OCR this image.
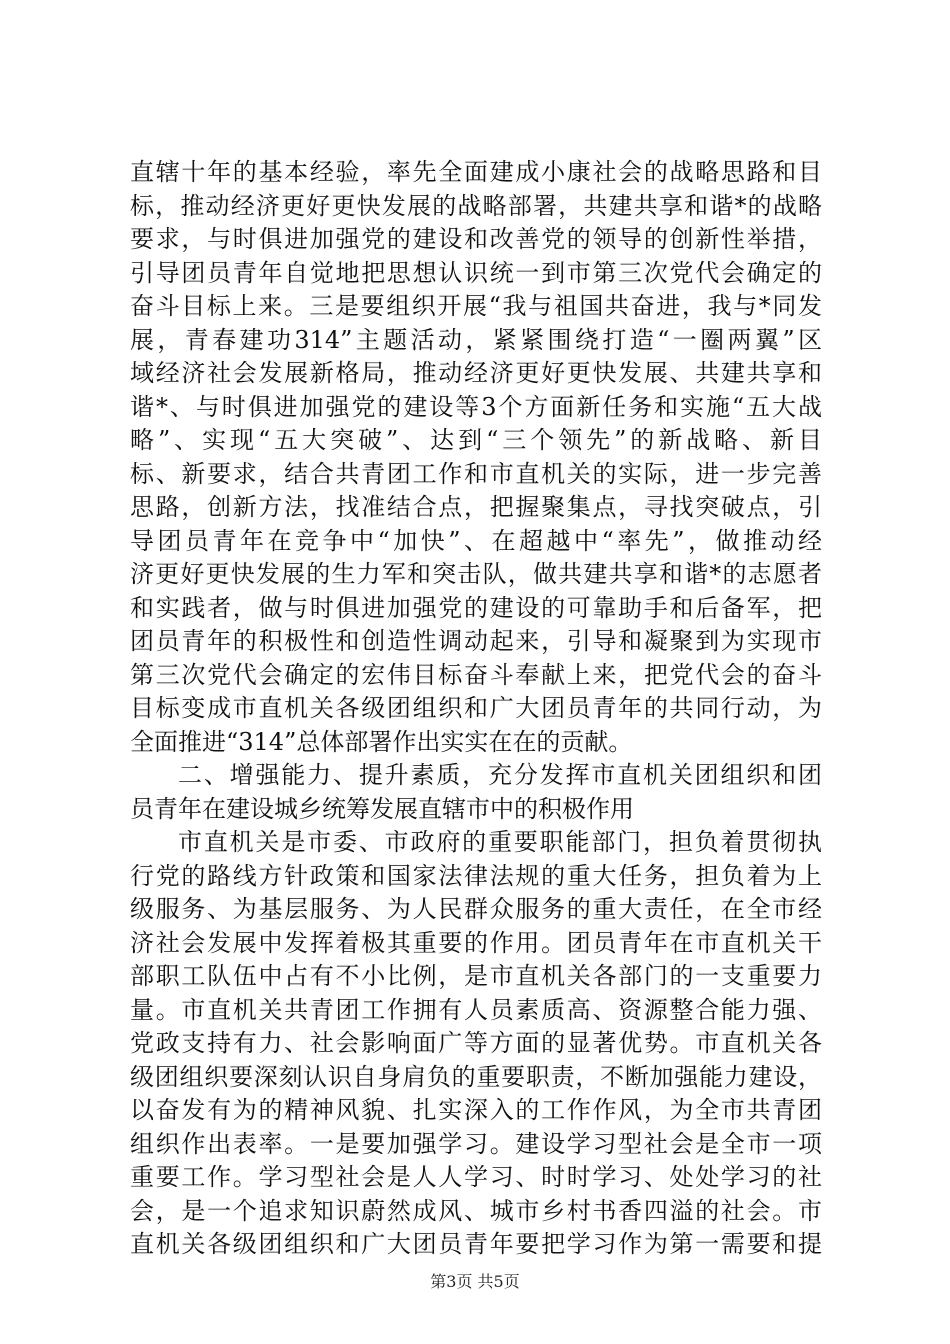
直辖十年的基本经验，率先全面建成小康社会的战略思路和目
标，推动经济更好更快发展的战略部署，共建共享和谐*的战略
要求，与时俱进加强党的建设和改善党的领导的创新性举措，
引导团员青年自觉地把思想认识统一到市第三次党代会确定的
奋斗目标上来。三是要组织开展“我与祖国共奋进，我与*同发
展，青春建功314”主题活动，紧紧围绕打造“一圈两翼”区
域经济社会发展新格局，推动经济更好更快发展、共建共享和
谐*、与时俱进加强党的建设等3个方面新任务和实施“五大战
略”、实现“五大突破”、达到“三个领先”的新战略、新目
标、新要求，结合共青团工作和市直机关的实际，进一步完善
思路，创新方法，找准结合点，把握聚集点，寻找突破点，引
导团员青年在竞争中“加快”、在超越中“率先”，做推动经
济更好更快发展的生力军和突击队，做共建共享和谐*的志愿者
和实践者，做与时俱进加强党的建设的可靠助手和后备军，把
团员青年的积极性和创造性调动起来，引导和凝聚到为实现市
第三次党代会确定的宏伟目标奋斗奉献上来，把党代会的奋斗
目标变成市直机关各级团组织和广大团员青年的共同行动，为
全面推进“314”总体部署作出实实在在的贡献。
二、增强能力、提升素质，充分发挥市直机关团组织和团
员青年在建设城乡统筹发展直辖市中的积极作用
市直机关是市委、市政府的重要职能部门，担负着贯彻执
行党的路线方针政策和国家法律法规的重大任务，担负着为上
级服务、为基层服务、为人民群众服务的重大责任，在全市经
济社会发展中发挥着极其重要的作用。团员青年在市直机关干
部职工队伍中占有不小比例，是市直机关各部门的一支重要力
量。市直机关共青团工作拥有人员素质高、资源整合能力强、
党政支持有力、社会影响面广等方面的显著优势。市直机关各
级团组织要深刻认识自身肩负的重要职责，不断加强能力建设，
以奋发有为的精神风貌、扎实深入的工作作风，为全市共青团
组织作出表率。一是要加强学习。建设学习型社会是全市一项
重要工作。学习型社会是人人学习、时时学习、处处学习的社
会，是一个追求知识蔚然成风、城市乡村书香四溢的社会。市
直机关各级团组织和广大团员青年要把学习作为第一需要和提
第3页 共5页
